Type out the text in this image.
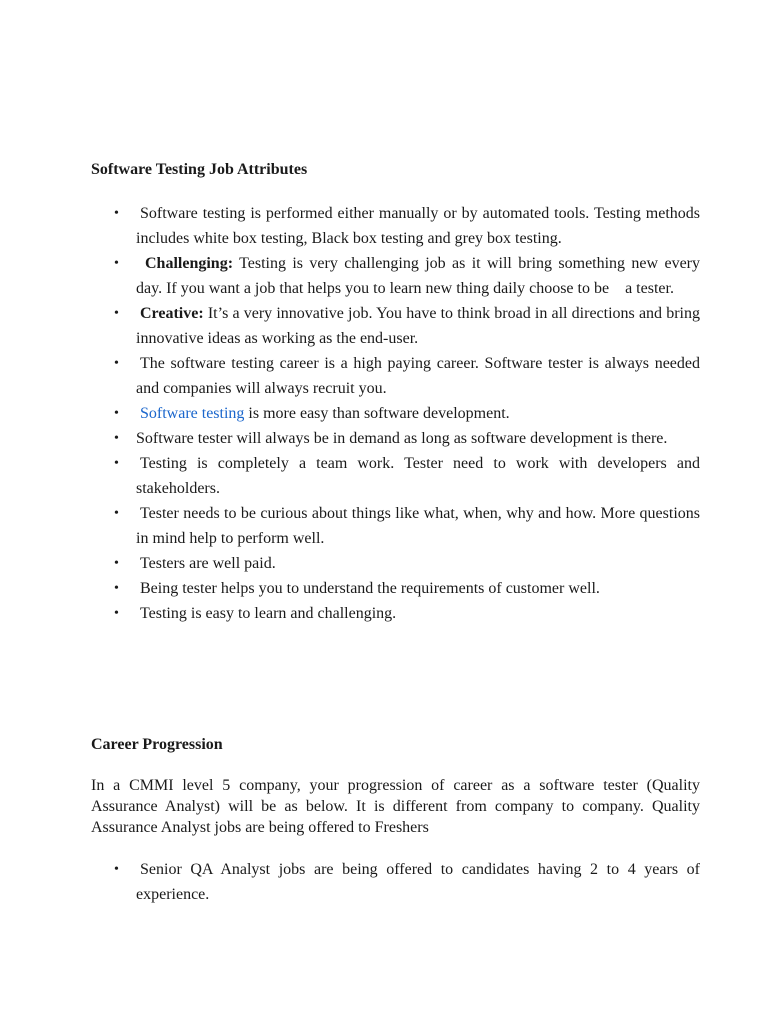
Software Testing Job Attributes
• Software testing is performed either manually or by automated tools. Testing methods includes white box testing, Black box testing and grey box testing.
• Challenging: Testing is very challenging job as it will bring something new every day. If you want a job that helps you to learn new thing daily choose to be    a tester.
• Creative: It’s a very innovative job. You have to think broad in all directions and bring innovative ideas as working as the end-user.
• The software testing career is a high paying career. Software tester is always needed and companies will always recruit you.
• Software testing is more easy than software development.
• Software tester will always be in demand as long as software development is there.
• Testing is completely a team work. Tester need to work with developers and stakeholders.
• Tester needs to be curious about things like what, when, why and how. More questions in mind help to perform well.
• Testers are well paid.
• Being tester helps you to understand the requirements of customer well.
• Testing is easy to learn and challenging.
Career Progression

In a CMMI level 5 company, your progression of career as a software tester (Quality Assurance Analyst) will be as below. It is different from company to company. Quality Assurance Analyst jobs are being offered to Freshers

• Senior QA Analyst jobs are being offered to candidates having 2 to 4 years of experience.
